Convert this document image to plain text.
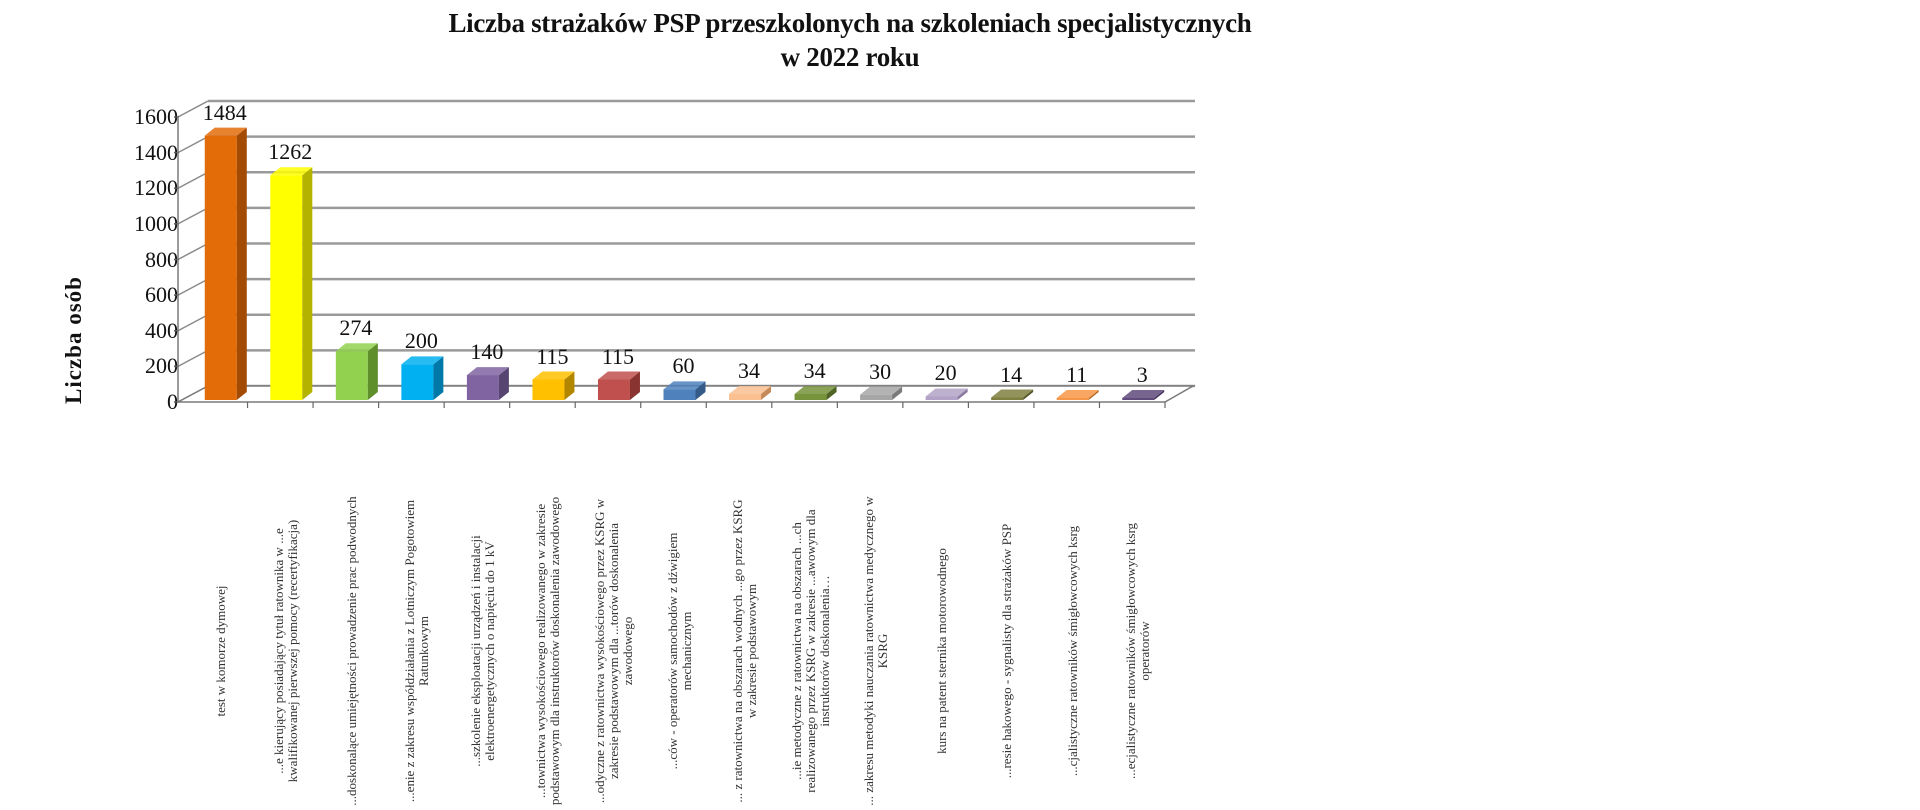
Liczba strażaków PSP przeszkolonych na szkoleniach specjalistycznych
w 2022 roku
Liczba osób	0
200
400
600
800
1000
1200
1400
1600 1484
1262
274
200 140 115 115 60 34 34 30 20 14 11 3
test w komorze dymowej	...e kierujący posiadający tytuł ratownika w ...e kwalifikowanej pierwszej pomocy (recertyfikacja)	...doskonalące umiejętności prowadzenie prac podwodnych	...enie z zakresu współdziałania z Lotniczym Pogotowiem Ratunkowym	...szkolenie eksploatacji urządzeń i instalacji elektroenergetycznych o napięciu do 1 kV	...townictwa wysokościowego realizowanego w zakresie podstawowym dla instruktorów doskonalenia zawodowego	...odyczne z ratownictwa wysokościowego przez KSRG w zakresie podstawowym dla ...torów doskonalenia zawodowego	...ców - operatorów samochodów z dźwigiem mechanicznym	... z ratownictwa na obszarach wodnych ...go przez KSRG w zakresie podstawowym	...ie metodyczne z ratownictwa na obszarach ...ch realizowanego przez KSRG w zakresie ...awowym dla instruktorów doskonalenia…	... zakresu metodyki nauczania ratownictwa medycznego w KSRG	kurs na patent sternika motorowodnego	...resie hakowego - sygnalisty dla strażaków PSP	...cjalistyczne ratowników śmigłowcowych ksrg	...ecjalistyczne ratowników śmigłowcowych ksrg operatorów
